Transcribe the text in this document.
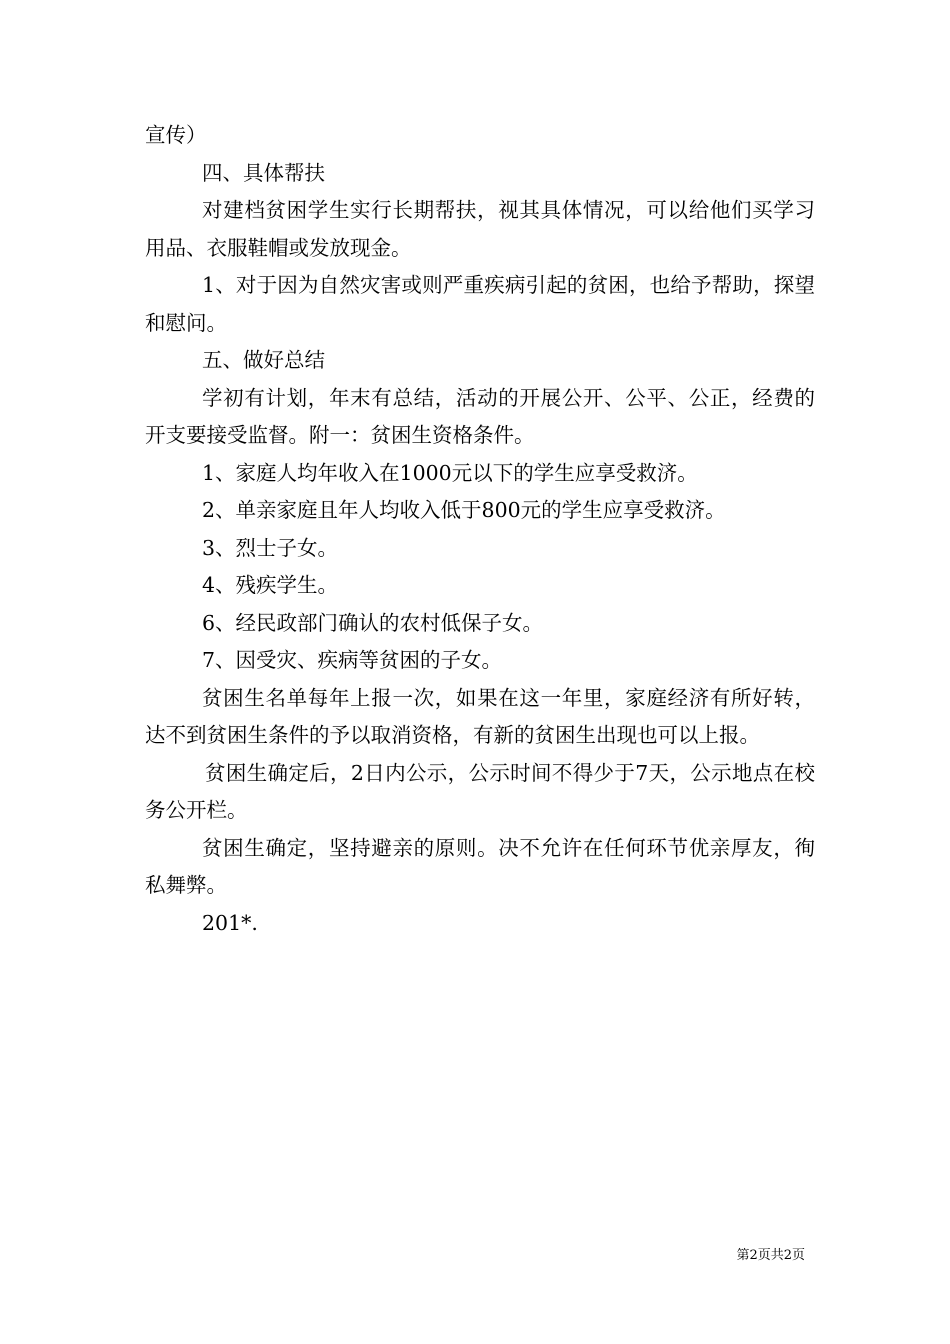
宣传）

四、具体帮扶

对建档贫困学生实行长期帮扶，视其具体情况，可以给他们买学习用品、衣服鞋帽或发放现金。

1、对于因为自然灾害或则严重疾病引起的贫困，也给予帮助，探望和慰问。

五、做好总结

学初有计划，年末有总结，活动的开展公开、公平、公正，经费的开支要接受监督。附一：贫困生资格条件。

1、家庭人均年收入在1000元以下的学生应享受救济。

2、单亲家庭且年人均收入低于800元的学生应享受救济。

3、烈士子女。

4、残疾学生。

6、经民政部门确认的农村低保子女。

7、因受灾、疾病等贫困的子女。

贫困生名单每年上报一次，如果在这一年里，家庭经济有所好转，达不到贫困生条件的予以取消资格，有新的贫困生出现也可以上报。

贫困生确定后，2日内公示，公示时间不得少于7天，公示地点在校务公开栏。

贫困生确定，坚持避亲的原则。决不允许在任何环节优亲厚友，徇私舞弊。

201*.

第2页共2页
